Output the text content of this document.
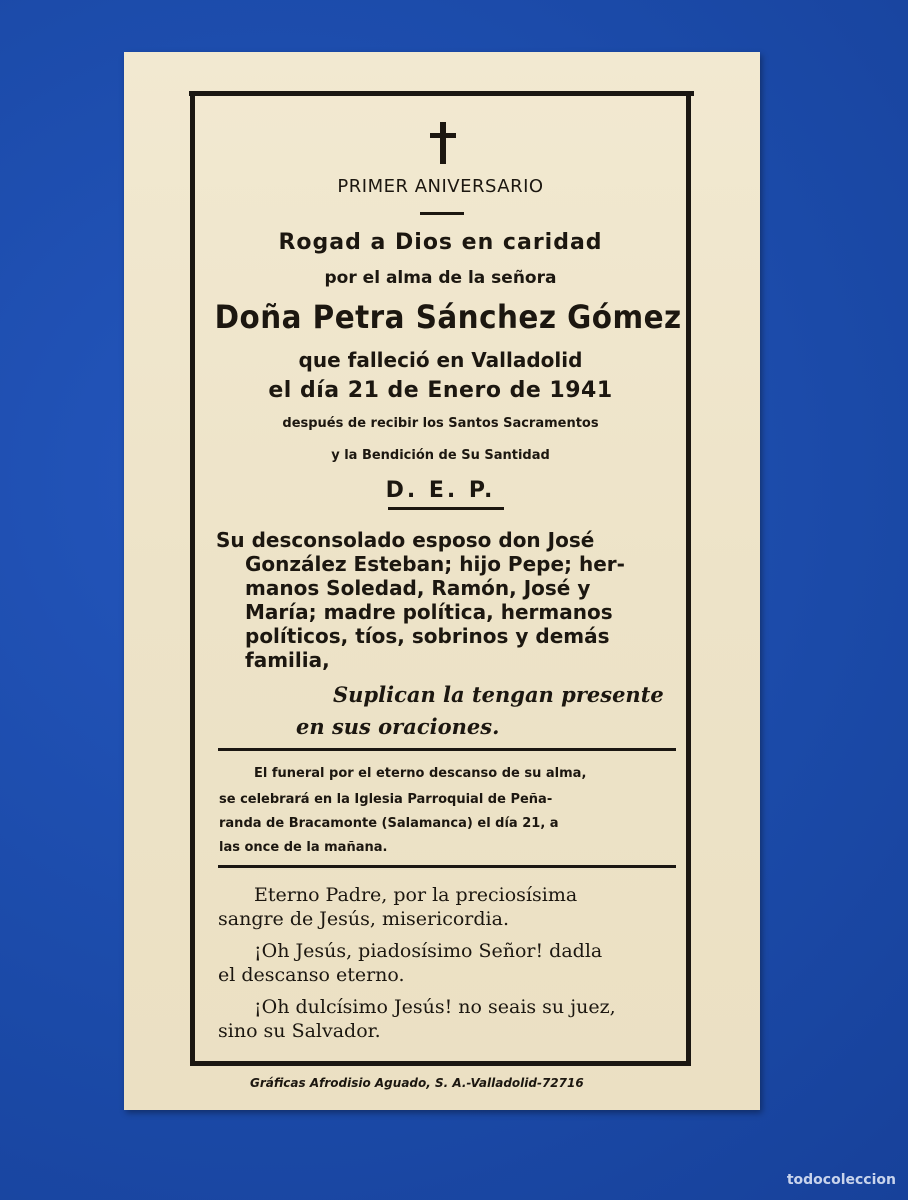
PRIMER ANIVERSARIO
Rogad a Dios en caridad
por el alma de la señora
Doña Petra Sánchez Gómez
que falleció en Valladolid
el día 21 de Enero de 1941
después de recibir los Santos Sacramentos
y la Bendición de Su Santidad
D. E. P.
Su desconsolado esposo don José
González Esteban; hijo Pepe; her-
manos Soledad, Ramón, José y
María; madre política, hermanos
políticos, tíos, sobrinos y demás
familia,
Suplican la tengan presente
en sus oraciones.
El funeral por el eterno descanso de su alma,
se celebrará en la Iglesia Parroquial de Peña-
randa de Bracamonte (Salamanca) el día 21, a
las once de la mañana.
Eterno Padre, por la preciosísima
sangre de Jesús, misericordia.
¡Oh Jesús, piadosísimo Señor! dadla
el descanso eterno.
¡Oh dulcísimo Jesús! no seais su juez,
sino su Salvador.
Gráficas Afrodisio Aguado, S. A.-Valladolid-72716
todocoleccion
